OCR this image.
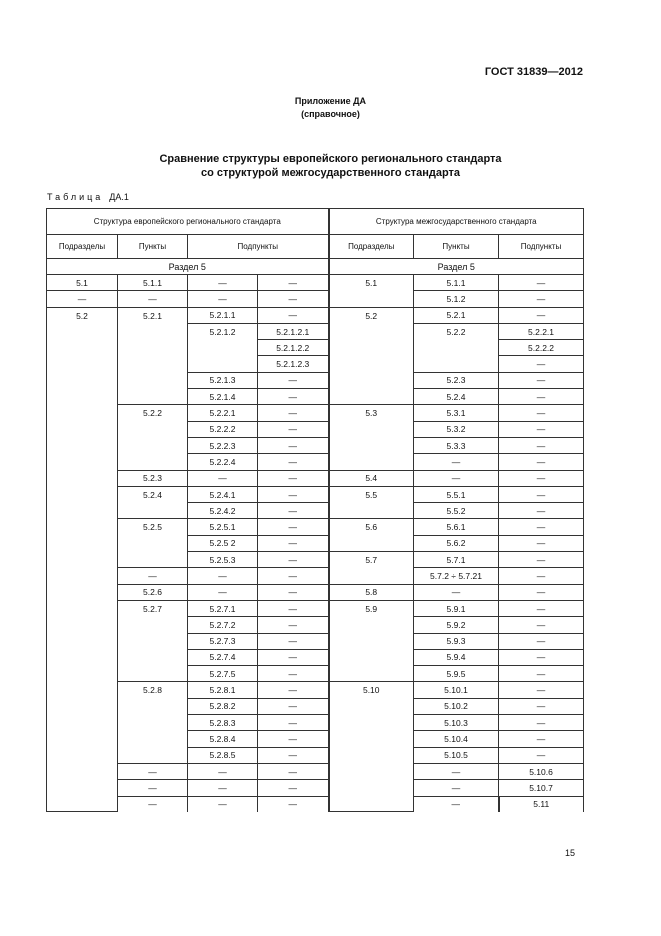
ГОСТ 31839—2012
Приложение ДА
(справочное)
Сравнение структуры европейского регионального стандарта
со структурой межгосударственного стандарта
Таблица ДА.1
Структура европейского регионального стандарта				Структура межгосударственного стандарта			
Подразделы	Пункты	Подпункты		Подразделы	Пункты	Подпункты	
Раздел 5				Раздел 5			
5.1	5.1.1	—	—	5.1	5.1.1	—	
—	—	—	—		5.1.2	—	
5.2	5.2.1	5.2.1.1	—	5.2	5.2.1	—	
		5.2.1.2	5.2.1.2.1		5.2.2	5.2.2.1	
			5.2.1.2.2			5.2.2.2	
			5.2.1.2.3			—	
		5.2.1.3	—		5.2.3	—	
		5.2.1.4	—		5.2.4	—	
	5.2.2	5.2.2.1	—	5.3	5.3.1	—	
		5.2.2.2	—		5.3.2	—	
		5.2.2.3	—		5.3.3	—	
		5.2.2.4	—		—	—	
	5.2.3	—	—	5.4	—	—	
	5.2.4	5.2.4.1	—	5.5	5.5.1	—	
		5.2.4.2	—		5.5.2	—	
	5.2.5	5.2.5.1	—	5.6	5.6.1	—	
		5.2.5 2	—		5.6.2	—	
		5.2.5.3	—	5.7	5.7.1	—	
	—	—	—		5.7.2 ÷ 5.7.21	—	
	5.2.6	—	—	5.8	—	—	
	5.2.7	5.2.7.1	—	5.9	5.9.1	—	
		5.2.7.2	—		5.9.2	—	
		5.2.7.3	—		5.9.3	—	
		5.2.7.4	—		5.9.4	—	
		5.2.7.5	—		5.9.5	—	
	5.2.8	5.2.8.1	—	5.10	5.10.1	—	
		5.2.8.2	—		5.10.2	—	
		5.2.8.3	—		5.10.3	—	
		5.2.8.4	—		5.10.4	—	
		5.2.8.5	—		5.10.5	—	
	—	—	—		—	5.10.6	
	—	—	—		—	5.10.7	
	—	—	—		—	5.11		
15
